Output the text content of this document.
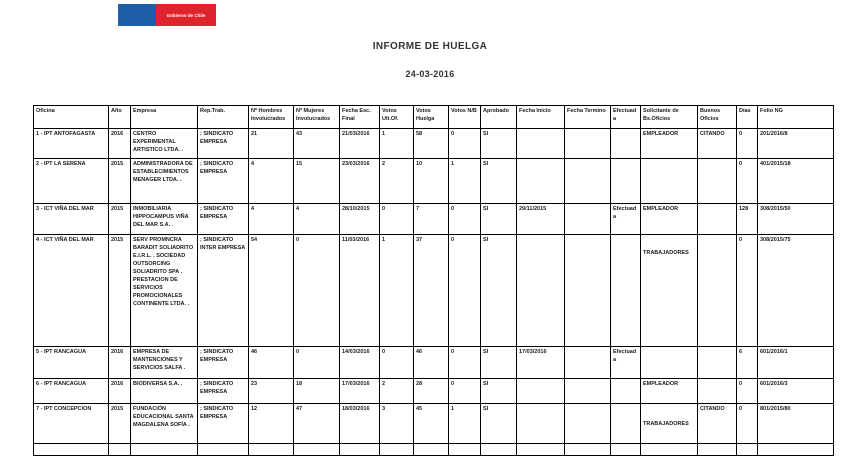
Gobierno de Chile
INFORME DE HUELGA
24-03-2016
Oficina	Año	Empresa	Rep.Trab.	Nº Hombres Involucrados	Nº Mujeres Involucrados	Fecha Esc. Final	Votos Ult.Of.	Votos Huelga	Votos N/B	Aprobado	Fecha Inicio	Fecha Termino	Efectuada	Solicitante de Bs.Oficios	Buenos Oficios	Días	Folio NG
1 - IPT ANTOFAGASTA	2016	CENTRO EXPERIMENTAL ARTISTICO LTDA. .	; SINDICATO EMPRESA	21	43	21/03/2016	1	58	0	SI				EMPLEADOR	CITANDO	0	201/2016/8
2 - IPT LA SERENA	2015	ADMINISTRADORA DE ESTABLECIMIENTOS MENAGER LTDA. .	; SINDICATO EMPRESA	4	15	23/03/2016	2	10	1	SI						0	401/2015/18
3 - ICT VIÑA DEL MAR	2015	INMOBILIARIA HIPPOCAMPUS VIÑA DEL MAR S.A. .	; SINDICATO EMPRESA	4	4	28/10/2015	0	7	0	SI	29/11/2015		Efectuada	EMPLEADOR		128	308/2015/50
4 - ICT VIÑA DEL MAR	2015	SERV PROMNCRA BARADIT SOLIADRITO E.I.R.L. . SOCIEDAD OUTSORCING SOLIADRITO SPA . PRESTACION DE SERVICIOS PROMOCIONALES CONTINENTE LTDA. .	; SINDICATO INTER EMPRESA	54	0	11/03/2016	1	37	0	SI				TRABAJADORES		0	308/2015/75
5 - IPT RANCAGUA	2016	EMPRESA DE MANTENCIONES Y SERVICIOS SALFA .	; SINDICATO EMPRESA	46	0	14/03/2016	0	46	0	SI	17/03/2016		Efectuada			6	601/2016/1
6 - IPT RANCAGUA	2016	BIODIVERSA S.A. .	; SINDICATO EMPRESA	23	18	17/03/2016	2	28	0	SI				EMPLEADOR		0	601/2016/3
7 - IPT CONCEPCION	2015	FUNDACIÓN EDUCACIONAL SANTA MAGDALENA SOFÍA .	; SINDICATO EMPRESA	12	47	18/03/2016	3	45	1	SI				TRABAJADORES	CITANDO	0	801/2015/80
